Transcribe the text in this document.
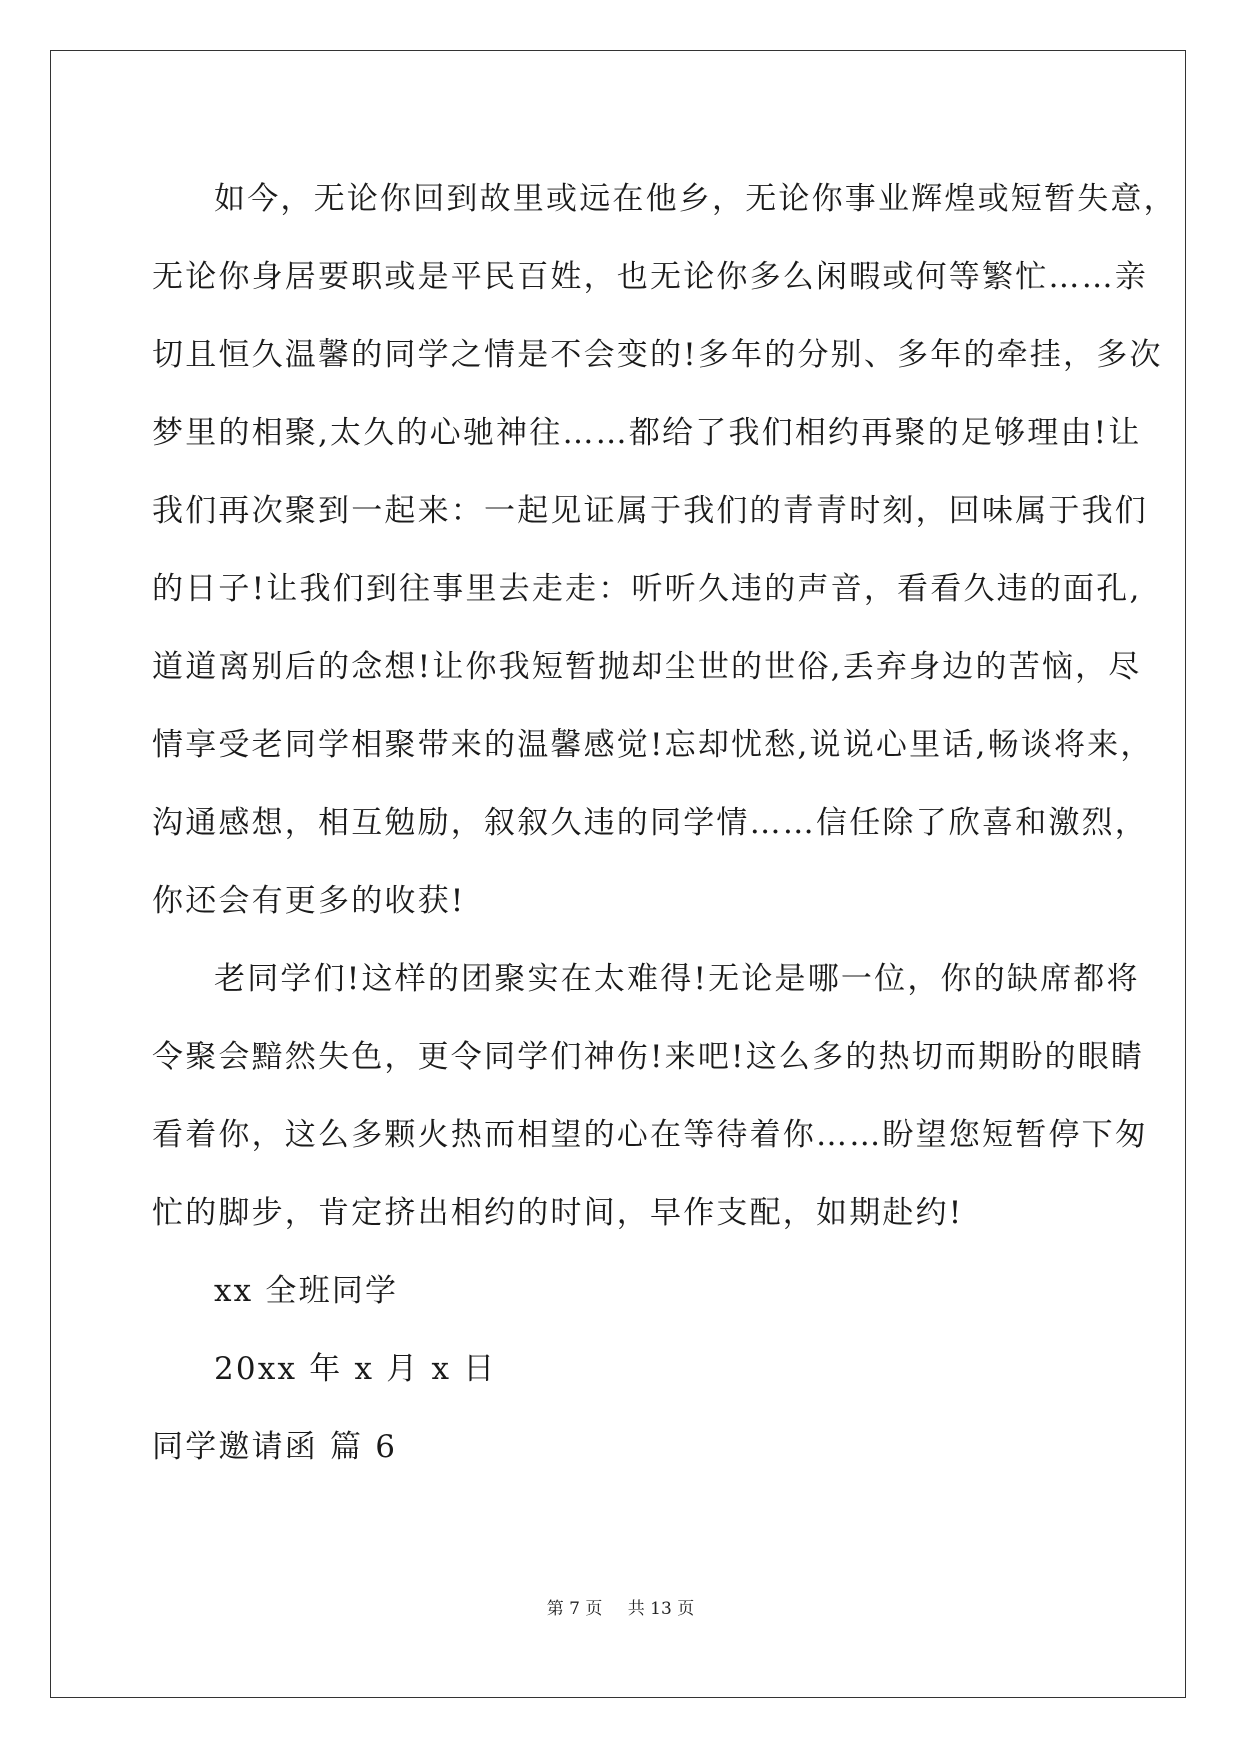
如今，无论你回到故里或远在他乡，无论你事业辉煌或短暂失意，
无论你身居要职或是平民百姓，也无论你多么闲暇或何等繁忙……亲
切且恒久温馨的同学之情是不会变的!多年的分别、多年的牵挂，多次
梦里的相聚,太久的心驰神往……都给了我们相约再聚的足够理由!让
我们再次聚到一起来：一起见证属于我们的青青时刻，回味属于我们
的日子!让我们到往事里去走走：听听久违的声音，看看久违的面孔,
道道离别后的念想!让你我短暂抛却尘世的世俗,丢弃身边的苦恼，尽
情享受老同学相聚带来的温馨感觉!忘却忧愁,说说心里话,畅谈将来，
沟通感想，相互勉励，叙叙久违的同学情……信任除了欣喜和激烈，
你还会有更多的收获!
老同学们!这样的团聚实在太难得!无论是哪一位，你的缺席都将
令聚会黯然失色，更令同学们神伤!来吧!这么多的热切而期盼的眼睛
看着你，这么多颗火热而相望的心在等待着你……盼望您短暂停下匆
忙的脚步，肯定挤出相约的时间，早作支配，如期赴约!
xx 全班同学
20xx 年 x 月 x 日
同学邀请函 篇 6
第 7 页 共 13 页
